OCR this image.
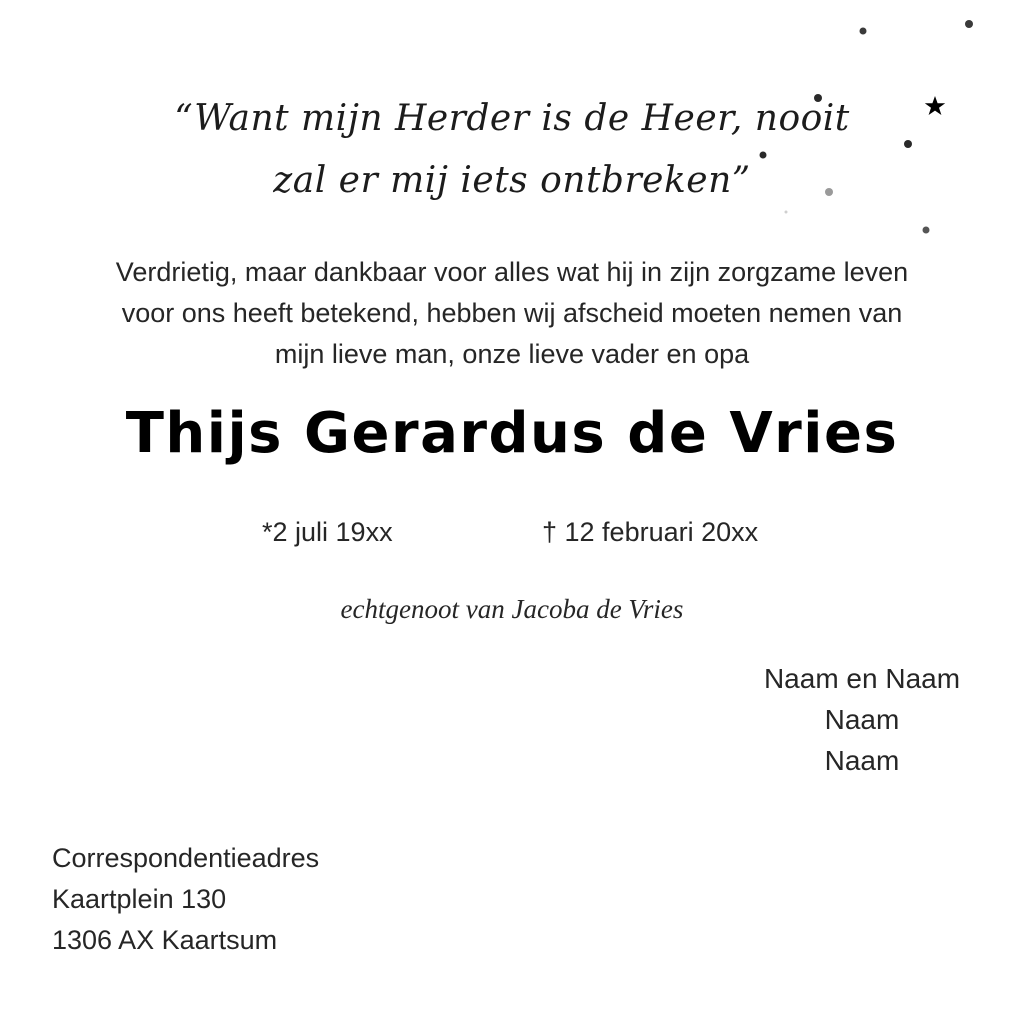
“Want mijn Herder is de Heer, nooit
zal er mij iets ontbreken”
Verdrietig, maar dankbaar voor alles wat hij in zijn zorgzame leven
voor ons heeft betekend, hebben wij afscheid moeten nemen van
mijn lieve man, onze lieve vader en opa
Thijs Gerardus de Vries
*2 juli 19xx	† 12 februari 20xx
echtgenoot van Jacoba de Vries
Naam en Naam
Naam
Naam
Correspondentieadres
Kaartplein 130
1306 AX Kaartsum
